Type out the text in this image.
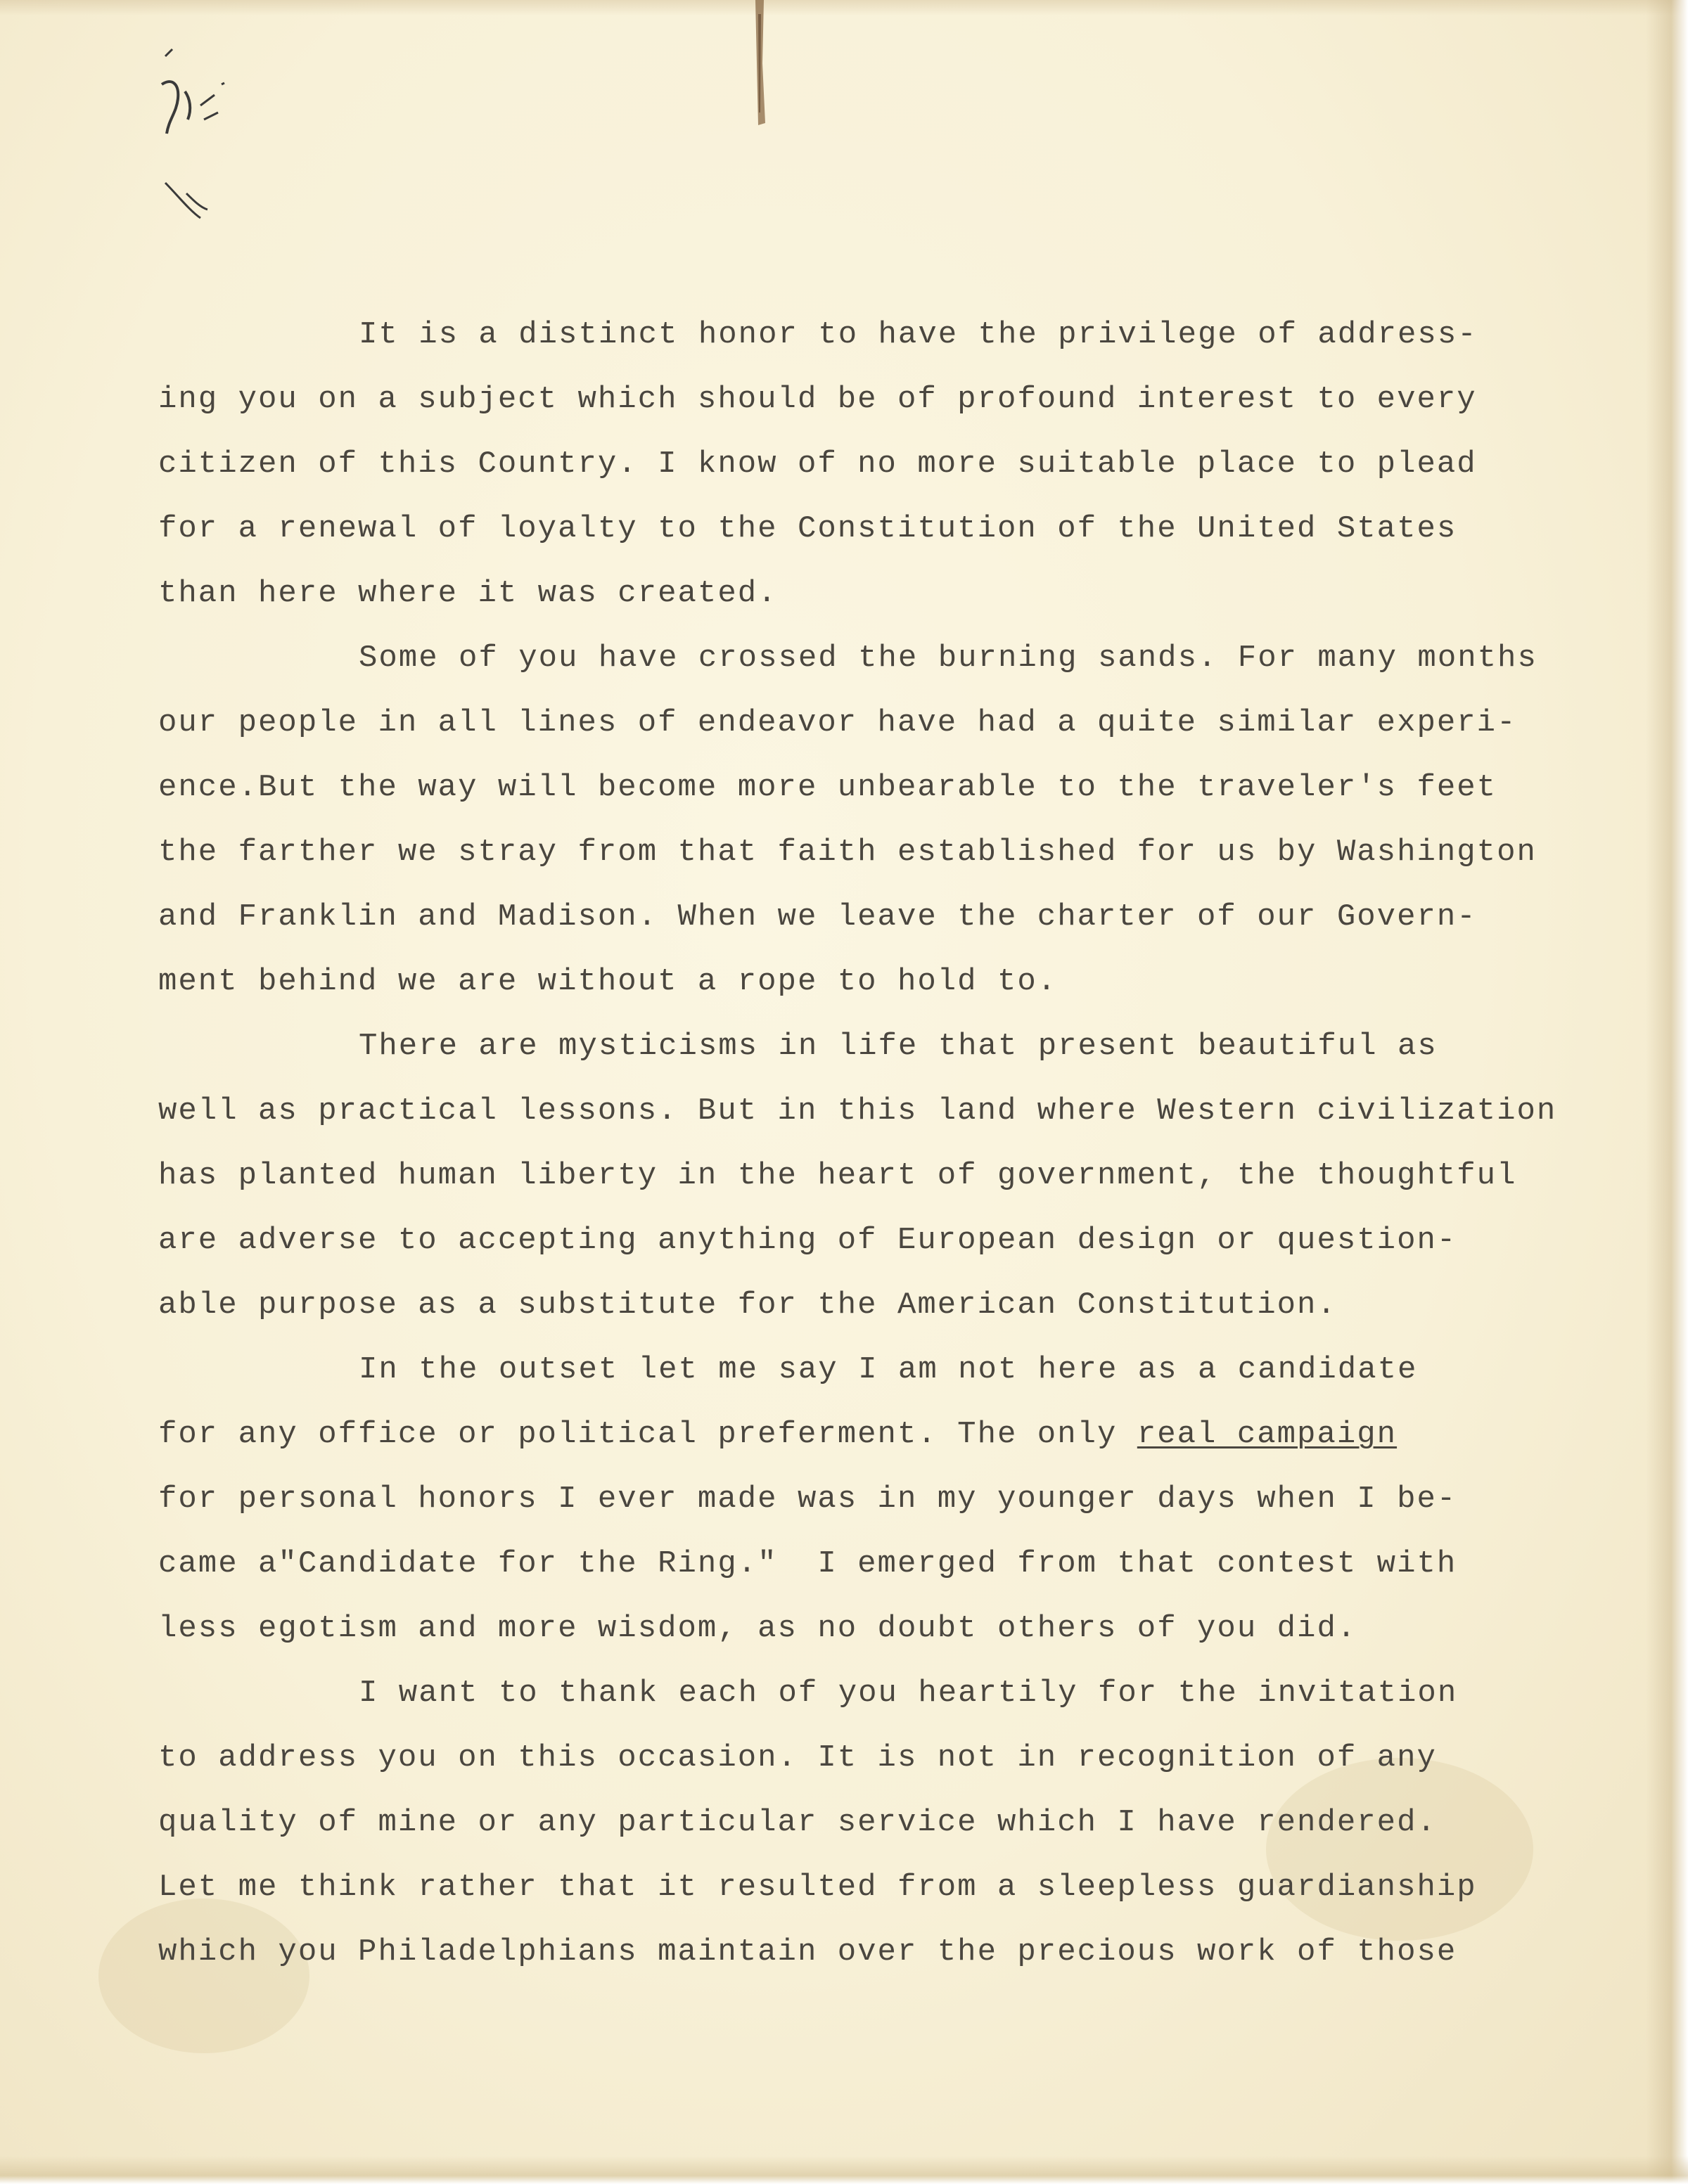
It is a distinct honor to have the privilege of address-
ing you on a subject which should be of profound interest to every
citizen of this Country. I know of no more suitable place to plead
for a renewal of loyalty to the Constitution of the United States
than here where it was created.
Some of you have crossed the burning sands. For many months
our people in all lines of endeavor have had a quite similar experi-
ence.But the way will become more unbearable to the traveler's feet
the farther we stray from that faith established for us by Washington
and Franklin and Madison. When we leave the charter of our Govern-
ment behind we are without a rope to hold to.
There are mysticisms in life that present beautiful as
well as practical lessons. But in this land where Western civilization
has planted human liberty in the heart of government, the thoughtful
are adverse to accepting anything of European design or question-
able purpose as a substitute for the American Constitution.
In the outset let me say I am not here as a candidate
for any office or political preferment. The only real campaign
for personal honors I ever made was in my younger days when I be-
came a"Candidate for the Ring."  I emerged from that contest with
less egotism and more wisdom, as no doubt others of you did.
I want to thank each of you heartily for the invitation
to address you on this occasion. It is not in recognition of any
quality of mine or any particular service which I have rendered.
Let me think rather that it resulted from a sleepless guardianship
which you Philadelphians maintain over the precious work of those
